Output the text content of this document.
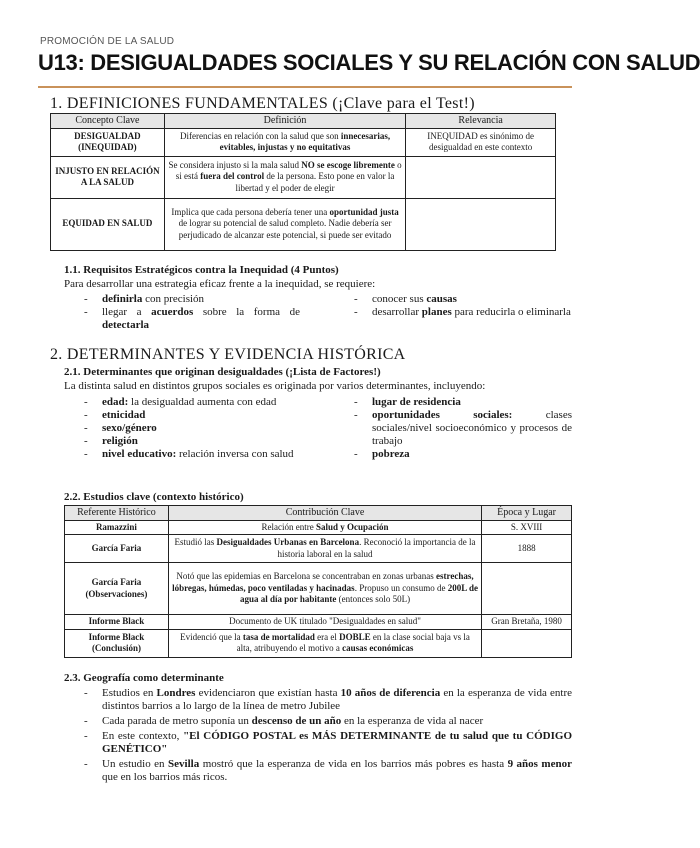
PROMOCIÓN DE LA SALUD
U13: DESIGUALDADES SOCIALES Y SU RELACIÓN CON SALUD
1. DEFINICIONES FUNDAMENTALES (¡Clave para el Test!)
Concepto Clave	Definición	Relevancia
DESIGUALDAD (INEQUIDAD)	Diferencias en relación con la salud que son innecesarias, evitables, injustas y no equitativas	INEQUIDAD es sinónimo de desigualdad en este contexto
INJUSTO EN RELACIÓN A LA SALUD	Se considera injusto si la mala salud NO se escoge libremente o si está fuera del control de la persona. Esto pone en valor la libertad y el poder de elegir	
EQUIDAD EN SALUD	Implica que cada persona debería tener una oportunidad justa de lograr su potencial de salud completo. Nadie debería ser perjudicado de alcanzar este potencial, si puede ser evitado	
1.1. Requisitos Estratégicos contra la Inequidad (4 Puntos)

Para desarrollar una estrategia eficaz frente a la inequidad, se requiere:

- definirla con precisión
- llegar a acuerdos sobre la forma de detectarla
- conocer sus causas
- desarrollar planes para reducirla o eliminarla
2. DETERMINANTES Y EVIDENCIA HISTÓRICA
2.1. Determinantes que originan desigualdades (¡Lista de Factores!)

La distinta salud en distintos grupos sociales es originada por varios determinantes, incluyendo:

- edad: la desigualdad aumenta con edad
- etnicidad
- sexo/género
- religión
- nivel educativo: relación inversa con salud
- lugar de residencia
- oportunidades sociales: clases sociales/nivel socioeconómico y procesos de trabajo
- pobreza
2.2. Estudios clave (contexto histórico)
Referente Histórico	Contribución Clave	Época y Lugar
Ramazzini	Relación entre Salud y Ocupación	S. XVIII
García Faria	Estudió las Desigualdades Urbanas en Barcelona. Reconoció la importancia de la historia laboral en la salud	1888
García Faria (Observaciones)	Notó que las epidemias en Barcelona se concentraban en zonas urbanas estrechas, lóbregas, húmedas, poco ventiladas y hacinadas. Propuso un consumo de 200L de agua al día por habitante (entonces solo 50L)	
Informe Black	Documento de UK titulado "Desigualdades en salud"	Gran Bretaña, 1980
Informe Black (Conclusión)	Evidenció que la tasa de mortalidad era el DOBLE en la clase social baja vs la alta, atribuyendo el motivo a causas económicas	
2.3. Geografía como determinante
- Estudios en Londres evidenciaron que existían hasta 10 años de diferencia en la esperanza de vida entre distintos barrios a lo largo de la línea de metro Jubilee
- Cada parada de metro suponía un descenso de un año en la esperanza de vida al nacer
- En este contexto, "El CÓDIGO POSTAL es MÁS DETERMINANTE de tu salud que tu CÓDIGO GENÉTICO"
- Un estudio en Sevilla mostró que la esperanza de vida en los barrios más pobres es hasta 9 años menor que en los barrios más ricos.
